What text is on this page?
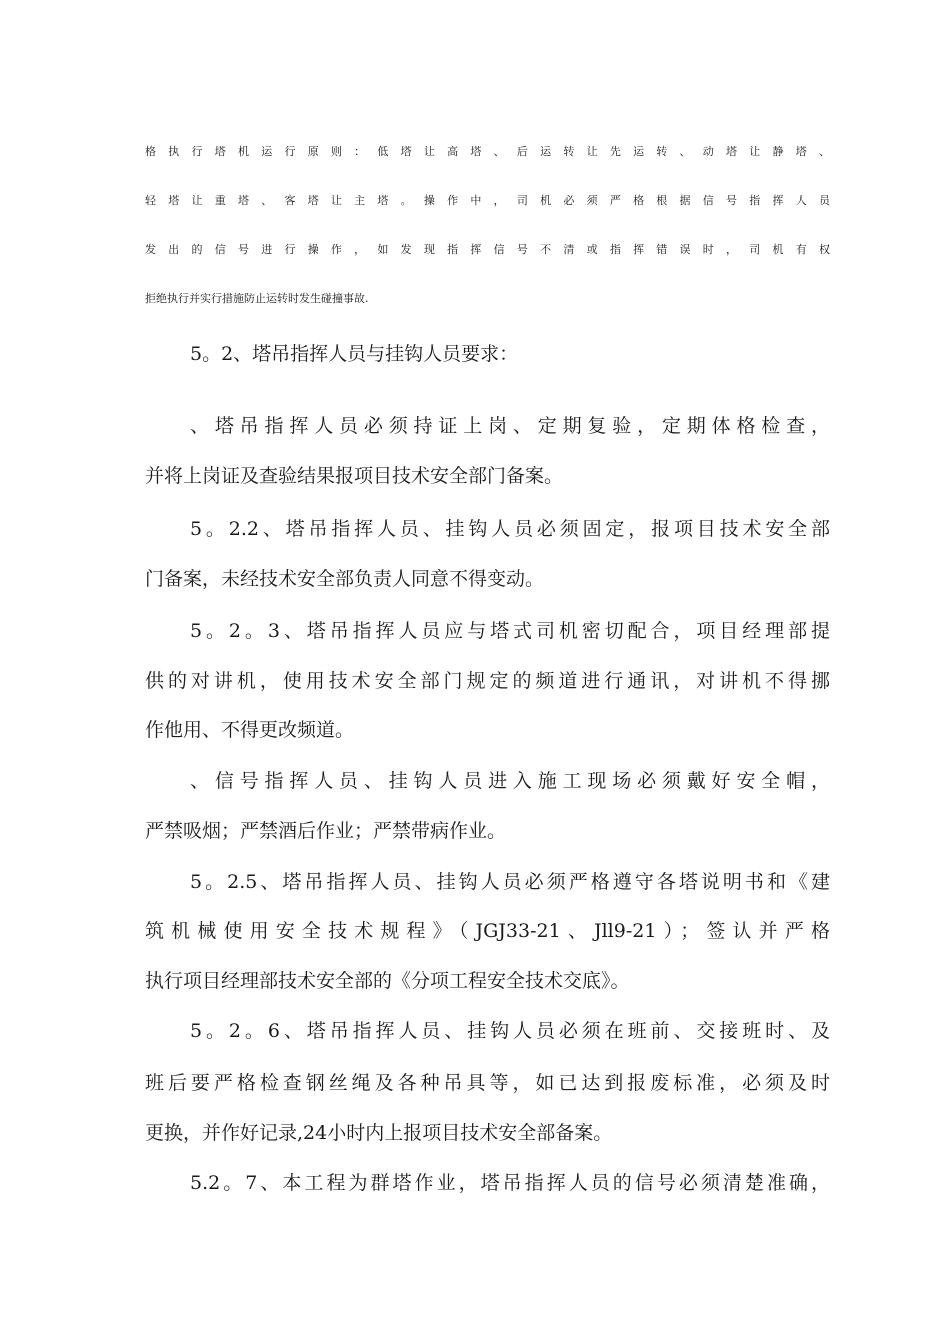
格执行塔机运行原则：低塔让高塔、后运转让先运转、动塔让静塔、
轻塔让重塔、客塔让主塔。操作中，司机必须严格根据信号指挥人员
发出的信号进行操作，如发现指挥信号不清或指挥错误时，司机有权
拒绝执行并实行措施防止运转时发生碰撞事故.
5。2、塔吊指挥人员与挂钩人员要求：
、塔吊指挥人员必须持证上岗、定期复验，定期体格检查，
并将上岗证及查验结果报项目技术安全部门备案。
5。2.2、塔吊指挥人员、挂钩人员必须固定，报项目技术安全部
门备案，未经技术安全部负责人同意不得变动。
5。2。3、塔吊指挥人员应与塔式司机密切配合，项目经理部提
供的对讲机，使用技术安全部门规定的频道进行通讯，对讲机不得挪
作他用、不得更改频道。
、信号指挥人员、挂钩人员进入施工现场必须戴好安全帽，
严禁吸烟；严禁酒后作业；严禁带病作业。
5。2.5、塔吊指挥人员、挂钩人员必须严格遵守各塔说明书和《建
筑机械使用安全技术规程》（JGJ33-21、Jll9-21）；签认并严格
执行项目经理部技术安全部的《分项工程安全技术交底》。
5。2。6、塔吊指挥人员、挂钩人员必须在班前、交接班时、及
班后要严格检查钢丝绳及各种吊具等，如已达到报废标准，必须及时
更换，并作好记录,24小时内上报项目技术安全部备案。
5.2。7、本工程为群塔作业，塔吊指挥人员的信号必须清楚准确，
